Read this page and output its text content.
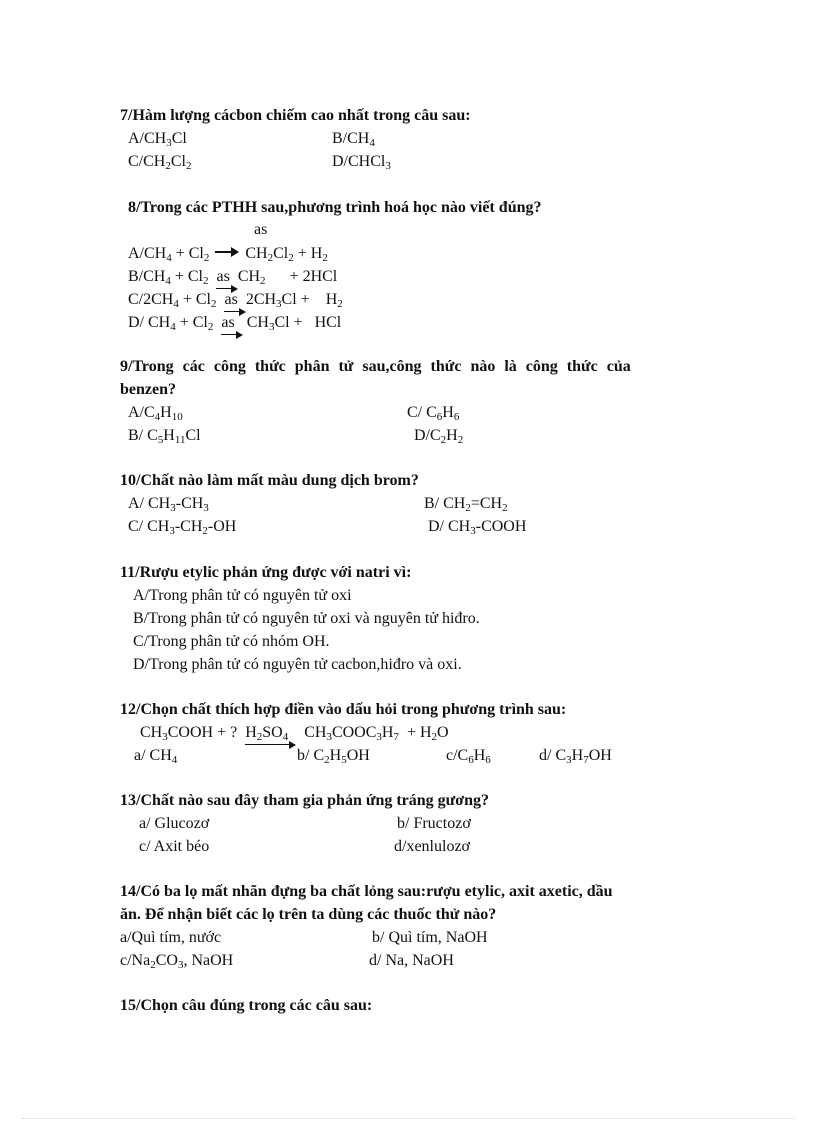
7/Hàm lượng cácbon chiếm cao nhất trong câu sau:
$A/CH_3Cl$	$B/CH_4$
$C/CH_2Cl_2$	D/CHCl$_3$
8/Trong các PTHH sau,phương trình hoá học nào viết đúng?
as
$A/CH_4 + Cl_2$ $CH_2Cl_2 + H_2$
$B/CH_4 + Cl_2$ as $CH_2 + 2HCl$
$C/2CH_4 + Cl_2$ as $2CH_3Cl + H_2$
D/ $CH_4 + Cl_2$ as $CH_3Cl$ + HCl
9/Trong các công thức phân tử sau,công thức nào là công thức của
benzen?
$A/C_4H_{10}$	C/ $C_6H_6$
B/ $C_5H_{11}Cl$	$D/C_2H_2$
10/Chất nào làm mất màu dung dịch brom?
A/ $CH_3-CH_3$	B/ $CH_2=CH_2$
C/ $CH_3-CH_2-OH$	D/ $CH_3$-COOH
11/Rượu etylic phản ứng được với natri vì:
A/Trong phân tử có nguyên tử oxi
B/Trong phân tử có nguyên tử oxi và nguyên tử hiđro.
C/Trong phân tử có nhóm OH.
D/Trong phân tử có nguyên tử cacbon,hiđro và oxi.
12/Chọn chất thích hợp điền vào dấu hỏi trong phương trình sau:
$CH_3COOH$ + ? $H_2SO_4$ $CH_3COOC_3H_7 + H_2O$
a/ $CH_4$	b/ $C_2H_5OH$	$c/C_6H_6$	d/ $C_3H_7OH$
13/Chất nào sau đây tham gia phản ứng tráng gương?
a/ Glucozơ	b/ Fructozơ
c/ Axit béo	d/xenlulozơ
14/Có ba lọ mất nhãn đựng ba chất lỏng sau:rượu etylic, axit axetic, dầu
ăn. Để nhận biết các lọ trên ta dùng các thuốc thử nào?
a/Quì tím, nước	b/ Quì tím, NaOH
$c/Na_2CO_3$, NaOH	d/ Na, NaOH
15/Chọn câu đúng trong các câu sau:
